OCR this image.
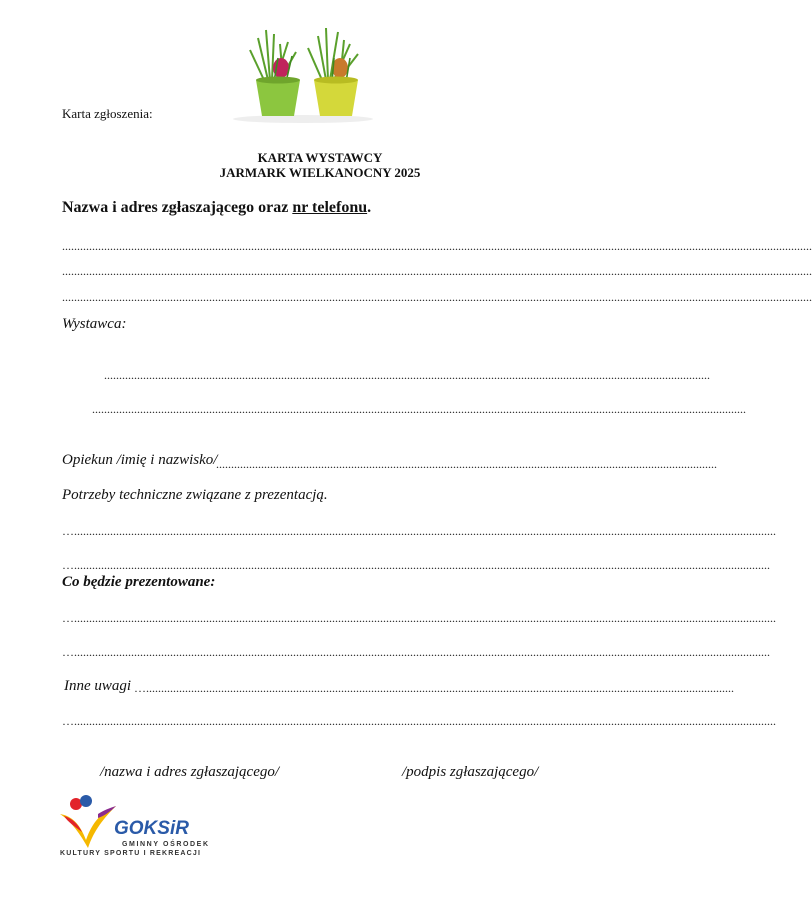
Karta zgłoszenia:
KARTA WYSTAWCY
JARMARK WIELKANOCNY 2025
Nazwa i adres zgłaszającego oraz nr telefonu.
..........................................................................................................................................................................................................................................................
..........................................................................................................................................................................................................................................................
..........................................................................................................................................................................................................................................................
Wystawca:
..........................................................................................................................................................................................................
..........................................................................................................................................................................................................................
Opiekun /imię i nazwisko/
.......................................................................................................................................................................
Potrzeby techniczne związane z prezentacją.
…..........................................................................................................................................................................................................................................
…........................................................................................................................................................................................................................................
Co będzie prezentowane:
…..........................................................................................................................................................................................................................................
…........................................................................................................................................................................................................................................
Inne uwagi …....................................................................................................................................................................................................
…..........................................................................................................................................................................................................................................
/nazwa i adres zgłaszającego/	/podpis zgłaszającego/
GOKSiR
GMINNY OŚRODEK
KULTURY SPORTU I REKREACJI
